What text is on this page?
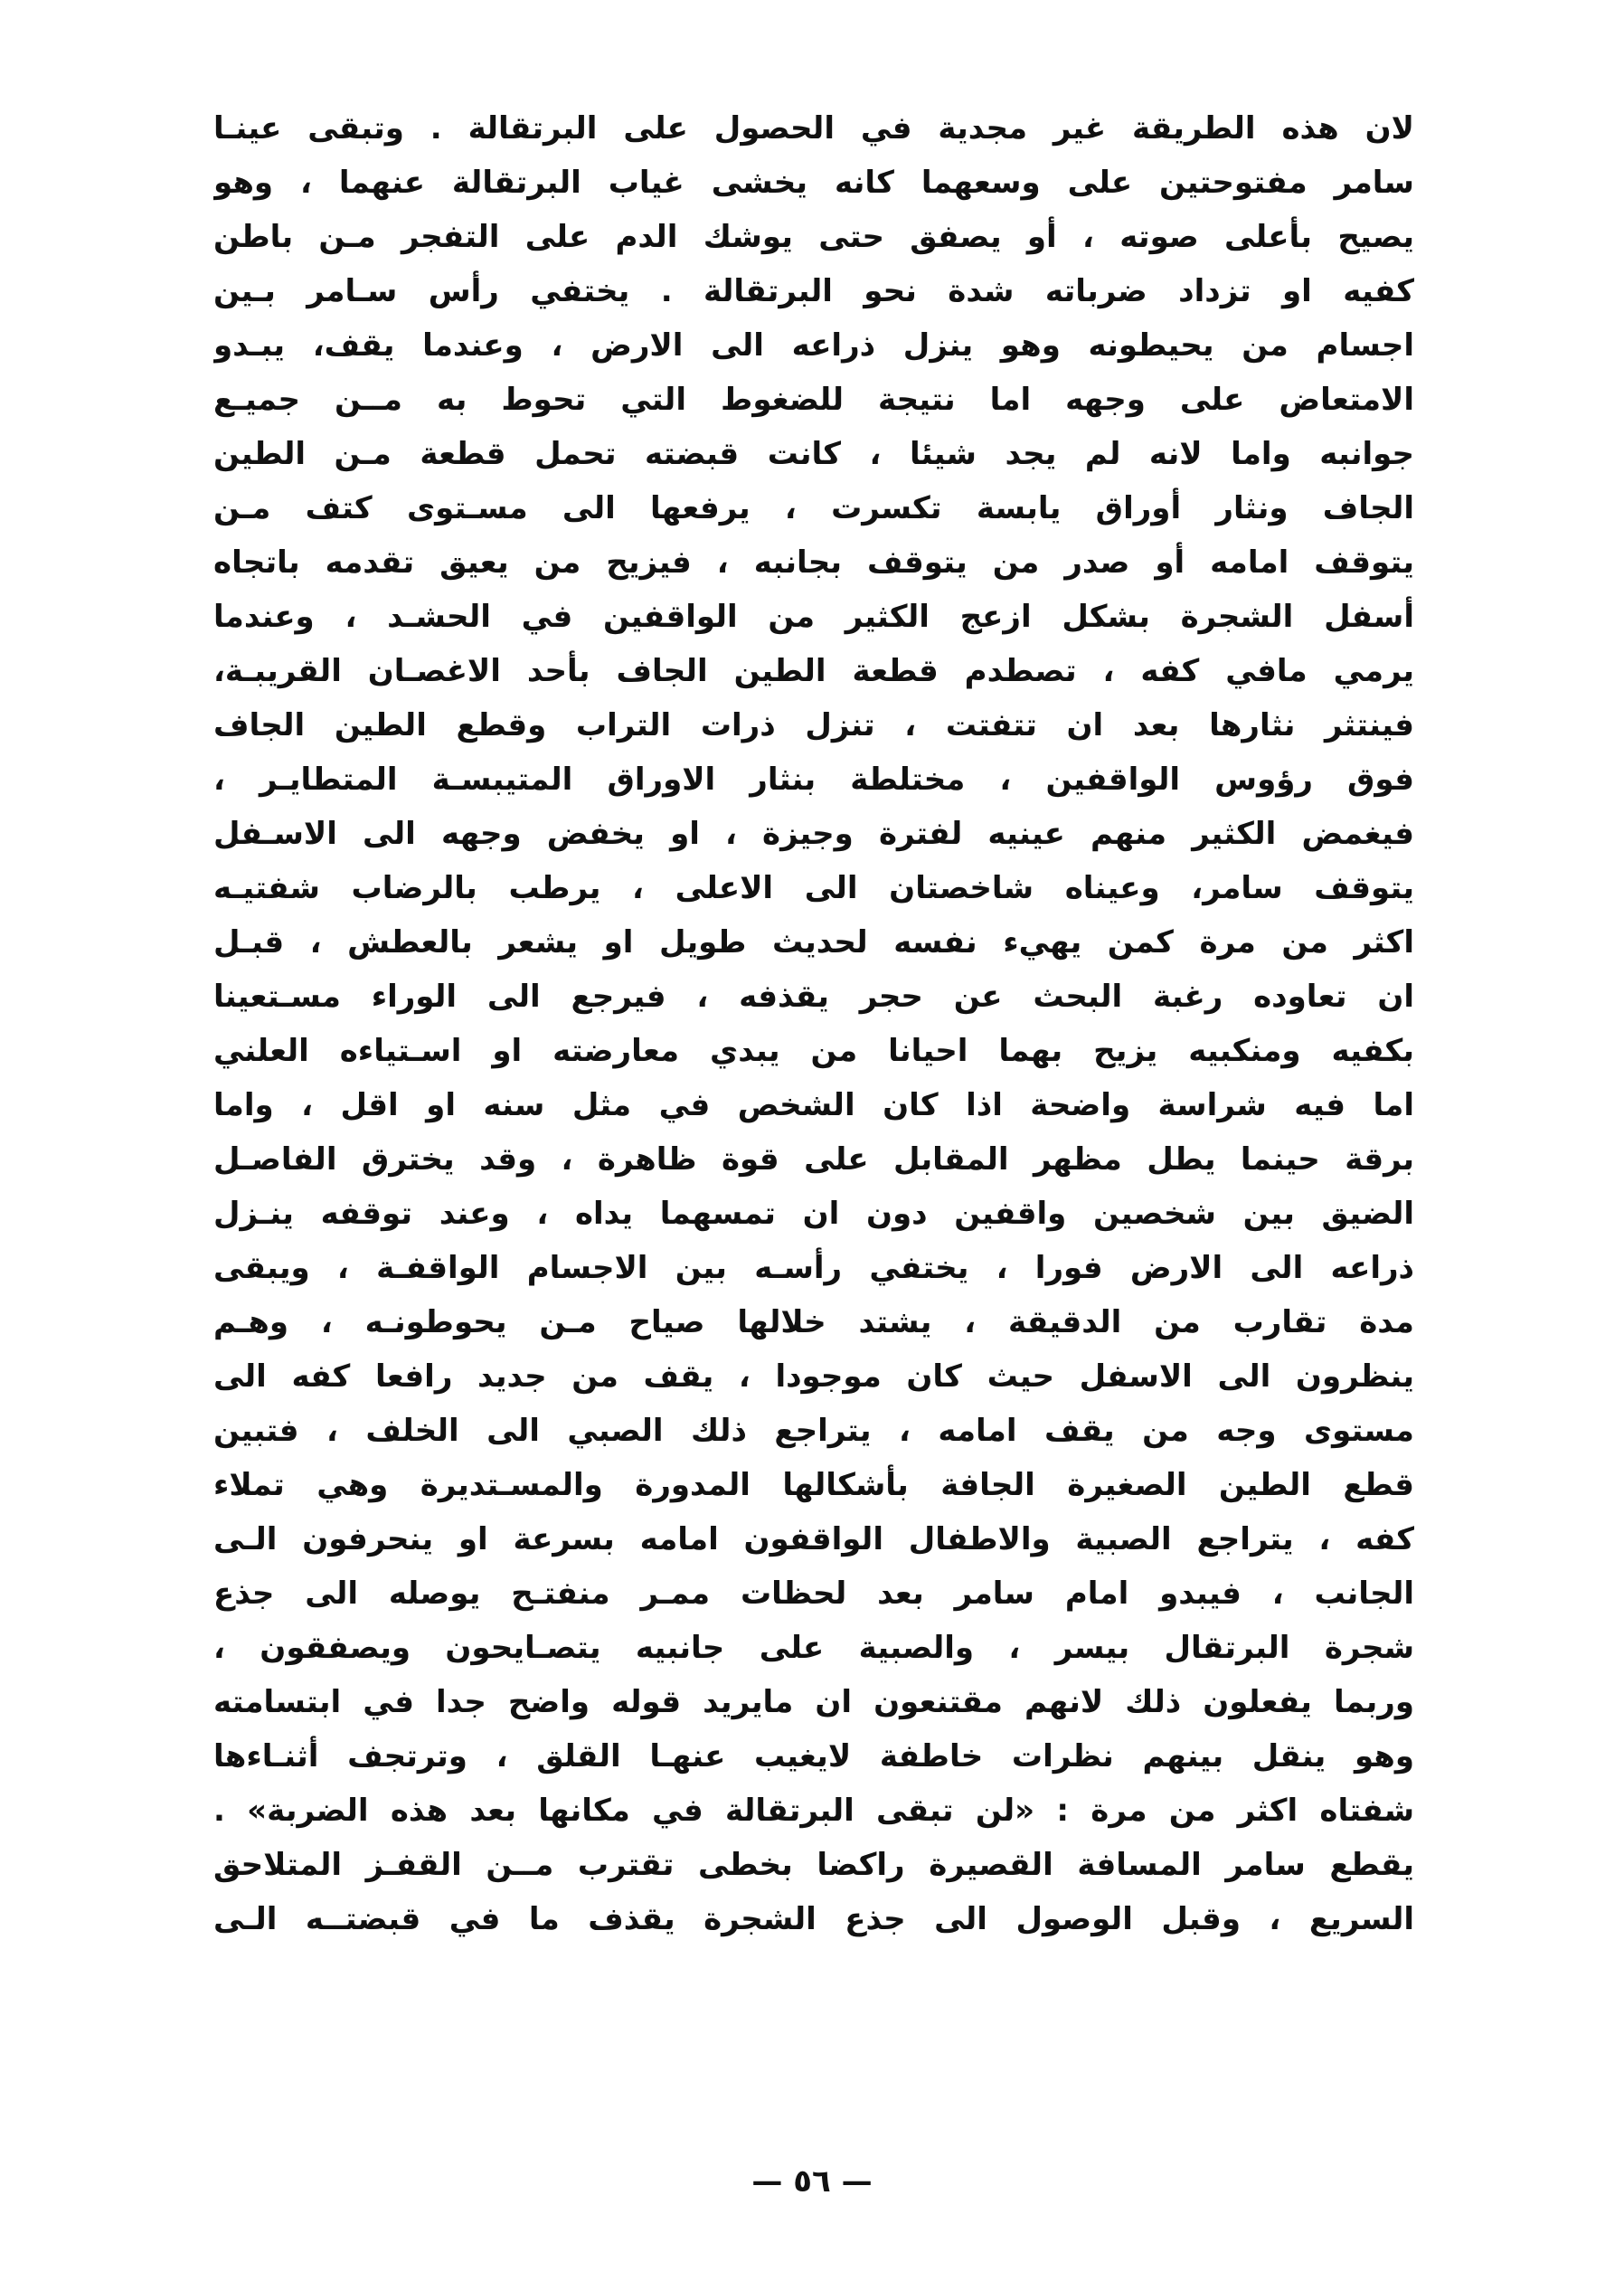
لان هذه الطريقة غير مجدية في الحصول على البرتقالة . وتبقى عينـا
سامر مفتوحتين على وسعهما كانه يخشى غياب البرتقالة عنهما ، وهو
يصيح بأعلى صوته ، أو يصفق حتى يوشك الدم على التفجر مـن باطن
كفيه او تزداد ضرباته شدة نحو البرتقالة . يختفي رأس سـامر بـين
اجسام من يحيطونه وهو ينزل ذراعه الى الارض ، وعندما يقف، يبـدو
الامتعاض على وجهه اما نتيجة للضغوط التي تحوط به مــن جميـع
جوانبه واما لانه لم يجد شيئا ، كانت قبضته تحمل قطعة مـن الطين
الجاف ونثار أوراق يابسة تكسرت ، يرفعها الى مسـتوى كتف مـن
يتوقف امامه أو صدر من يتوقف بجانبه ، فيزيح من يعيق تقدمه باتجاه
أسفل الشجرة بشكل ازعج الكثير من الواقفين في الحشـد ، وعندما
يرمي مافي كفه ، تصطدم قطعة الطين الجاف بأحد الاغصـان القريبـة،
فينتثر نثارها بعد ان تتفتت ، تنزل ذرات التراب وقطع الطين الجاف
فوق رؤوس الواقفين ، مختلطة بنثار الاوراق المتيبسـة المتطايـر ،
فيغمض الكثير منهم عينيه لفترة وجيزة ، او يخفض وجهه الى الاسـفل
يتوقف سامر، وعيناه شاخصتان الى الاعلى ، يرطب بالرضاب شفتيـه
اكثر من مرة كمن يهيء نفسه لحديث طويل او يشعر بالعطش ، قبـل
ان تعاوده رغبة البحث عن حجر يقذفه ، فيرجع الى الوراء مسـتعينا
بكفيه ومنكبيه يزيح بهما احيانا من يبدي معارضته او اسـتياءه العلني
اما فيه شراسة واضحة اذا كان الشخص في مثل سنه او اقل ، واما
برقة حينما يطل مظهر المقابل على قوة ظاهرة ، وقد يخترق الفاصـل
الضيق بين شخصين واقفين دون ان تمسهما يداه ، وعند توقفه ينـزل
ذراعه الى الارض فورا ، يختفي رأسـه بين الاجسام الواقفـة ، ويبقى
مدة تقارب من الدقيقة ، يشتد خلالها صياح مـن يحوطونـه ، وهـم
ينظرون الى الاسفل حيث كان موجودا ، يقف من جديد رافعا كفه الى
مستوى وجه من يقف امامه ، يتراجع ذلك الصبي الى الخلف ، فتبين
قطع الطين الصغيرة الجافة بأشكالها المدورة والمسـتديرة وهي تملاء
كفه ، يتراجع الصبية والاطفال الواقفون امامه بسرعة او ينحرفون الـى
الجانب ، فيبدو امام سامر بعد لحظات ممـر منفتـح يوصله الى جذع
شجرة البرتقال بيسر ، والصبية على جانبيه يتصـايحون ويصفقون ،
وربما يفعلون ذلك لانهم مقتنعون ان مايريد قوله واضح جدا في ابتسامته
وهو ينقل بينهم نظرات خاطفة لايغيب عنهـا القلق ، وترتجف أثنـاءها
شفتاه اكثر من مرة : «لن تبقى البرتقالة في مكانها بعد هذه الضربة» .
يقطع سامر المسافة القصيرة راكضا بخطى تقترب مــن القفـز المتلاحق
السريع ، وقبل الوصول الى جذع الشجرة يقذف ما في قبضتــه الـى
— ٥٦ —
